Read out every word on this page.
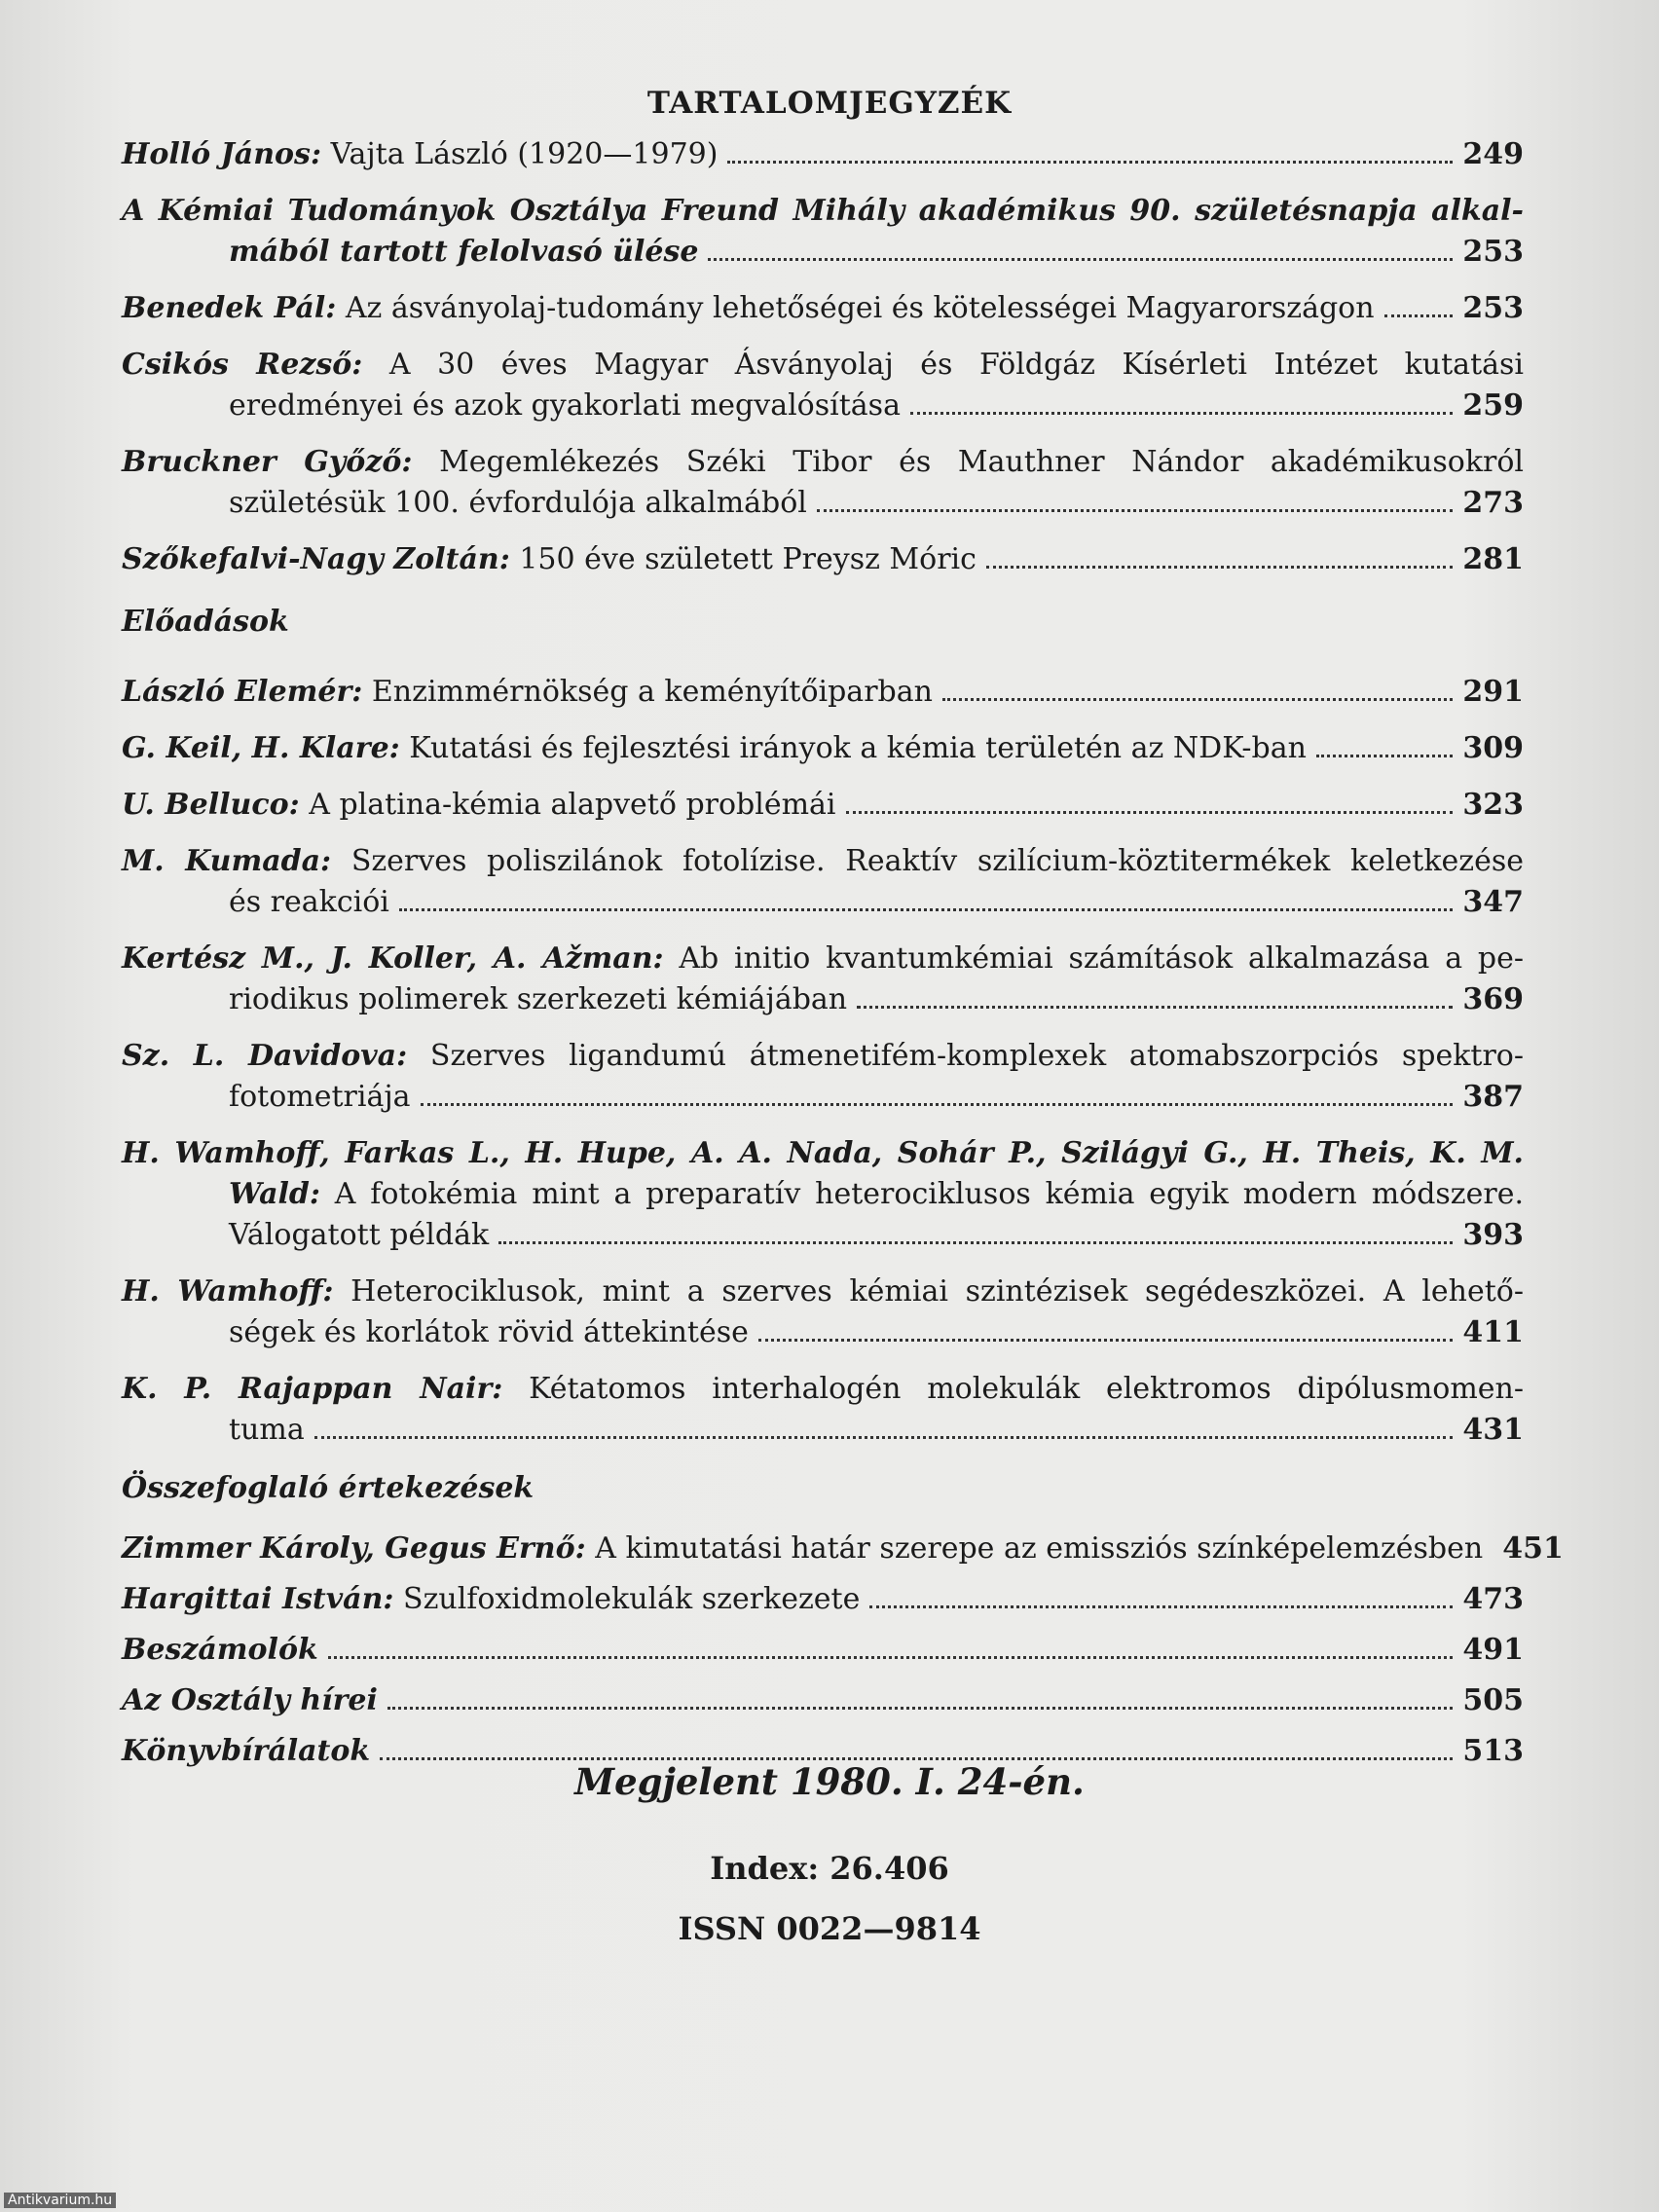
TARTALOMJEGYZÉK
Holló János: Vajta László (1920—1979)	249
A Kémiai Tudományok Osztálya Freund Mihály akadémikus 90. születésnapja alkal-
mából tartott felolvasó ülése	253
Benedek Pál: Az ásványolaj-tudomány lehetőségei és kötelességei Magyarországon	253
Csikós Rezső: A 30 éves Magyar Ásványolaj és Földgáz Kísérleti Intézet kutatási
eredményei és azok gyakorlati megvalósítása	259
Bruckner Győző: Megemlékezés Széki Tibor és Mauthner Nándor akadémikusokról
születésük 100. évfordulója alkalmából	273
Szőkefalvi-Nagy Zoltán: 150 éve született Preysz Móric	281
Előadások
László Elemér: Enzimmérnökség a keményítőiparban	291
G. Keil, H. Klare: Kutatási és fejlesztési irányok a kémia területén az NDK-ban	309
U. Belluco: A platina-kémia alapvető problémái	323
M. Kumada: Szerves poliszilánok fotolízise. Reaktív szilícium-köztitermékek keletkezése
és reakciói	347
Kertész M., J. Koller, A. Ažman: Ab initio kvantumkémiai számítások alkalmazása a pe-
riodikus polimerek szerkezeti kémiájában	369
Sz. L. Davidova: Szerves ligandumú átmenetifém-komplexek atomabszorpciós spektro-
fotometriája	387
H. Wamhoff, Farkas L., H. Hupe, A. A. Nada, Sohár P., Szilágyi G., H. Theis, K. M.
Wald: A fotokémia mint a preparatív heterociklusos kémia egyik modern módszere.
Válogatott példák	393
H. Wamhoff: Heterociklusok, mint a szerves kémiai szintézisek segédeszközei. A lehető-
ségek és korlátok rövid áttekintése	411
K. P. Rajappan Nair: Kétatomos interhalogén molekulák elektromos dipólusmomen-
tuma	431
Összefoglaló értekezések
Zimmer Károly, Gegus Ernő: A kimutatási határ szerepe az emissziós színképelemzésben 451
Hargittai István: Szulfoxidmolekulák szerkezete	473
Beszámolók	491
Az Osztály hírei	505
Könyvbírálatok	513
Megjelent 1980. I. 24-én.
Index: 26.406
ISSN 0022—9814
Antikvarium.hu
